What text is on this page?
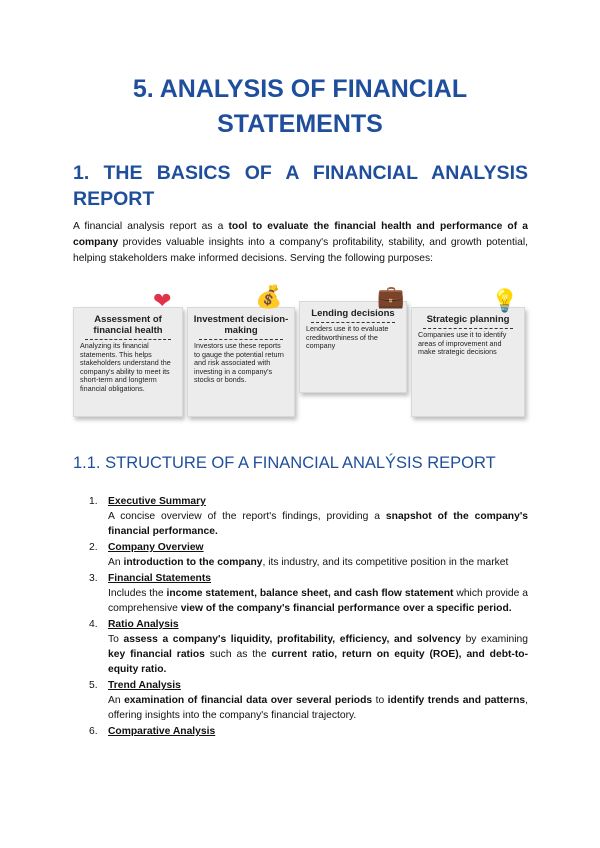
5. ANALYSIS OF FINANCIAL STATEMENTS
1. THE BASICS OF A FINANCIAL ANALYSIS REPORT
A financial analysis report as a tool to evaluate the financial health and performance of a company provides valuable insights into a company's profitability, stability, and growth potential, helping stakeholders make informed decisions. Serving the following purposes:
Assessment of financial health
Analyzing its financial statements. This helps stakeholders understand the company's ability to meet its short-term and longterm financial obligations.
❤
Investment decision-making
Investors use these reports to gauge the potential return and risk associated with investing in a company's stocks or bonds.
💰
Lending decisions
Lenders use it to evaluate creditworthiness of the company
💼
Strategic planning
Companies use it to identify areas of improvement and make strategic decisions
💡
1.1. STRUCTURE OF A FINANCIAL ANALÝSIS REPORT
1. Executive Summary
A concise overview of the report's findings, providing a snapshot of the company's financial performance.
2. Company Overview
An introduction to the company, its industry, and its competitive position in the market
3. Financial Statements
Includes the income statement, balance sheet, and cash flow statement which provide a comprehensive view of the company's financial performance over a specific period.
4. Ratio Analysis
To assess a company's liquidity, profitability, efficiency, and solvency by examining key financial ratios such as the current ratio, return on equity (ROE), and debt-to-equity ratio.
5. Trend Analysis
An examination of financial data over several periods to identify trends and patterns, offering insights into the company's financial trajectory.
6. Comparative Analysis
